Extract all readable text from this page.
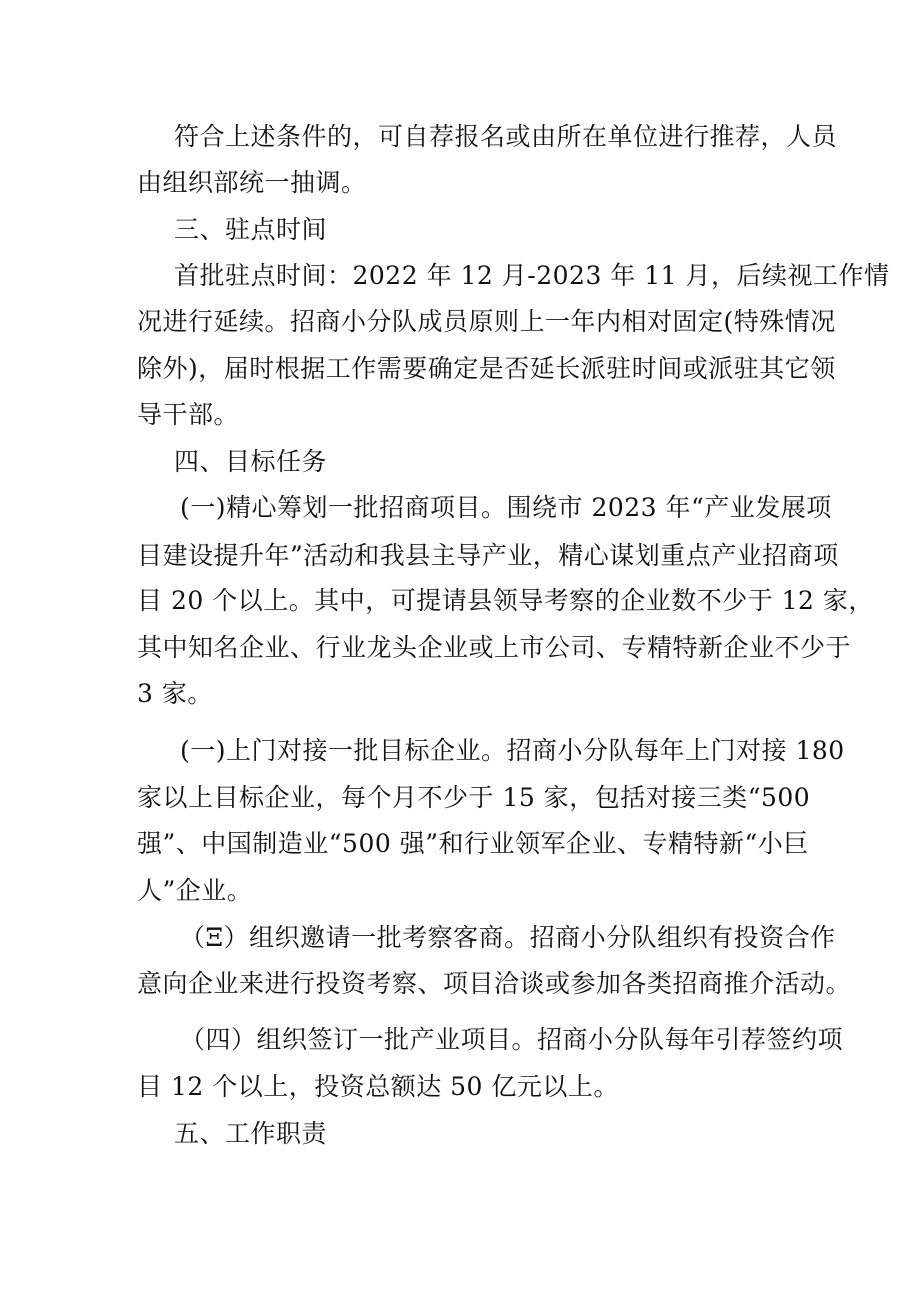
符合上述条件的，可自荐报名或由所在单位进行推荐，人员
由组织部统一抽调。
三、驻点时间
首批驻点时间：2022 年 12 月-2023 年 11 月，后续视工作情
况进行延续。招商小分队成员原则上一年内相对固定(特殊情况
除外)，届时根据工作需要确定是否延长派驻时间或派驻其它领
导干部。
四、目标任务
(一)精心筹划一批招商项目。围绕市 2023 年“产业发展项
目建设提升年”活动和我县主导产业，精心谋划重点产业招商项
目 20 个以上。其中，可提请县领导考察的企业数不少于 12 家，
其中知名企业、行业龙头企业或上市公司、专精特新企业不少于
3 家。
(一)上门对接一批目标企业。招商小分队每年上门对接 180
家以上目标企业，每个月不少于 15 家，包括对接三类“500
强”、中国制造业“500 强”和行业领军企业、专精特新“小巨
人”企业。
（Ξ）组织邀请一批考察客商。招商小分队组织有投资合作
意向企业来进行投资考察、项目洽谈或参加各类招商推介活动。
（四）组织签订一批产业项目。招商小分队每年引荐签约项
目 12 个以上，投资总额达 50 亿元以上。
五、工作职责
